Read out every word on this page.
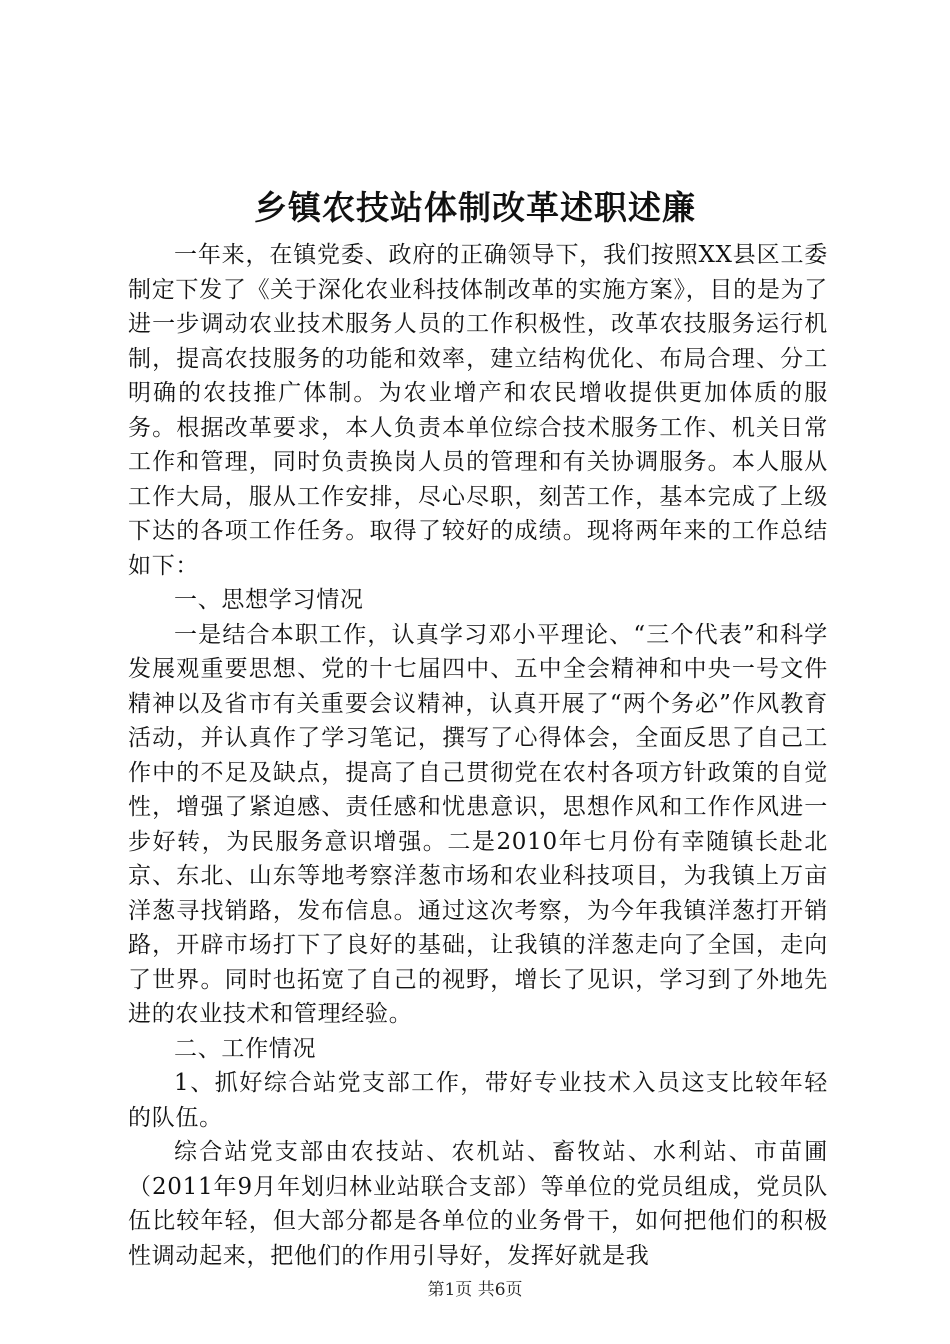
乡镇农技站体制改革述职述廉

一年来，在镇党委、政府的正确领导下，我们按照XX县区工委制定下发了《关于深化农业科技体制改革的实施方案》，目的是为了进一步调动农业技术服务人员的工作积极性，改革农技服务运行机制，提高农技服务的功能和效率，建立结构优化、布局合理、分工明确的农技推广体制。为农业增产和农民增收提供更加体质的服务。根据改革要求，本人负责本单位综合技术服务工作、机关日常工作和管理，同时负责换岗人员的管理和有关协调服务。本人服从工作大局，服从工作安排，尽心尽职，刻苦工作，基本完成了上级下达的各项工作任务。取得了较好的成绩。现将两年来的工作总结如下：

一、思想学习情况

一是结合本职工作，认真学习邓小平理论、“三个代表”和科学发展观重要思想、党的十七届四中、五中全会精神和中央一号文件精神以及省市有关重要会议精神，认真开展了“两个务必”作风教育活动，并认真作了学习笔记，撰写了心得体会，全面反思了自己工作中的不足及缺点，提高了自己贯彻党在农村各项方针政策的自觉性，增强了紧迫感、责任感和忧患意识，思想作风和工作作风进一步好转，为民服务意识增强。二是2010年七月份有幸随镇长赴北京、东北、山东等地考察洋葱市场和农业科技项目，为我镇上万亩洋葱寻找销路，发布信息。通过这次考察，为今年我镇洋葱打开销路，开辟市场打下了良好的基础，让我镇的洋葱走向了全国，走向了世界。同时也拓宽了自己的视野，增长了见识，学习到了外地先进的农业技术和管理经验。

二、工作情况

1、抓好综合站党支部工作，带好专业技术入员这支比较年轻的队伍。

综合站党支部由农技站、农机站、畜牧站、水利站、市苗圃（2011年9月年划归林业站联合支部）等单位的党员组成，党员队伍比较年轻，但大部分都是各单位的业务骨干，如何把他们的积极性调动起来，把他们的作用引导好，发挥好就是我

第1页 共6页
